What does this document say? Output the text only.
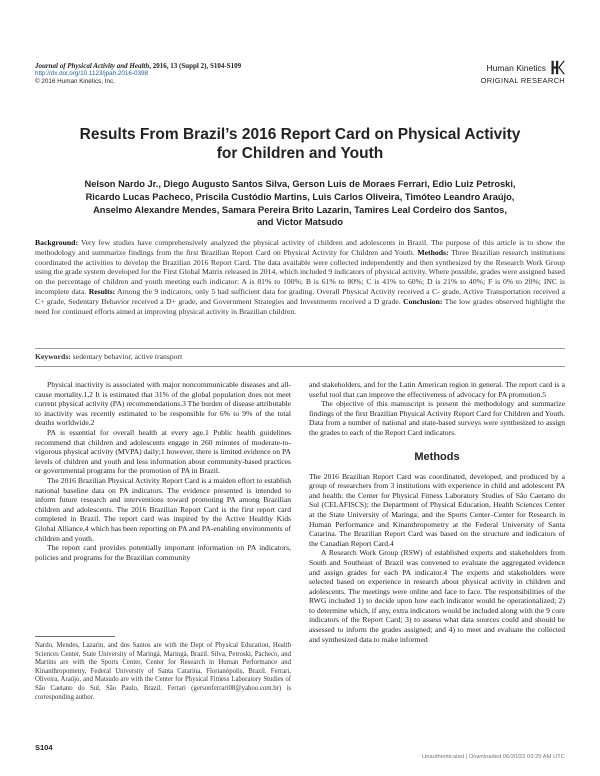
Journal of Physical Activity and Health, 2016, 13 (Suppl 2), S104-S109
http://dx.doi.org/10.1123/jpah.2016-0398
© 2016 Human Kinetics, Inc.
Human Kinetics
ORIGINAL RESEARCH
Results From Brazil’s 2016 Report Card on Physical Activity
for Children and Youth
Nelson Nardo Jr., Diego Augusto Santos Silva, Gerson Luis de Moraes Ferrari, Edio Luiz Petroski,
Ricardo Lucas Pacheco, Priscila Custódio Martins, Luis Carlos Oliveira, Timóteo Leandro Araújo,
Anselmo Alexandre Mendes, Samara Pereira Brito Lazarin, Tamires Leal Cordeiro dos Santos,
and Victor Matsudo
Background: Very few studies have comprehensively analyzed the physical activity of children and adolescents in Brazil. The purpose of this article is to show the methodology and summarize findings from the first Brazilian Report Card on Physical Activity for Children and Youth. Methods: Three Brazilian research institutions coordinated the activities to develop the Brazilian 2016 Report Card. The data available were collected independently and then synthesized by the Research Work Group using the grade system developed for the First Global Matrix released in 2014, which included 9 indicators of physical activity. Where possible, grades were assigned based on the percentage of children and youth meeting each indicator: A is 81% to 100%; B is 61% to 80%; C is 41% to 60%; D is 21% to 40%; F is 0% to 20%; INC is incomplete data. Results: Among the 9 indicators, only 5 had sufficient data for grading. Overall Physical Activity received a C- grade, Active Transportation received a C+ grade, Sedentary Behavior received a D+ grade, and Government Strategies and Investments received a D grade. Conclusion: The low grades observed highlight the need for continued efforts aimed at improving physical activity in Brazilian children.
Keywords: sedentary behavior, active transport

Physical inactivity is associated with major noncommunicable diseases and all-cause mortality.1,2 It is estimated that 31% of the global population does not meet current physical activity (PA) recommendations.3 The burden of disease attributable to inactivity was recently estimated to be responsible for 6% to 9% of the total deaths worldwide.2

PA is essential for overall health at every age.1 Public health guidelines recommend that children and adolescents engage in 260 minutes of moderate-to-vigorous physical activity (MVPA) daily;1 however, there is limited evidence on PA levels of children and youth and less information about community-based practices or governmental programs for the promotion of PA in Brazil.

The 2016 Brazilian Physical Activity Report Card is a maiden effort to establish national baseline data on PA indicators. The evidence presented is intended to inform future research and interventions toward promoting PA among Brazilian children and adolescents. The 2016 Brazilian Report Card is the first report card completed in Brazil. The report card was inspired by the Active Healthy Kids Global Alliance,4 which has been reporting on PA and PA-enabling environments of children and youth.

The report card provides potentially important information on PA indicators, policies and programs for the Brazilian community

and stakeholders, and for the Latin American region in general. The report card is a useful tool that can improve the effectiveness of advocacy for PA promotion.5

The objective of this manuscript is present the methodology and summarize findings of the first Brazilian Physical Activity Report Card for Children and Youth. Data from a number of national and state-based surveys were synthesized to assign the grades to each of the Report Card indicators.

Methods

The 2016 Brazilian Report Card was coordinated, developed, and produced by a group of researchers from 3 institutions with experience in child and adolescent PA and health: the Center for Physical Fitness Laboratory Studies of São Caetano do Sul (CELAFISCS); the Department of Physical Education, Health Sciences Center at the State University of Maringa; and the Sports Center–Center for Research in Human Performance and Kinanthropometry at the Federal University of Santa Catarina. The Brazilian Report Card was based on the structure and indicators of the Canadian Report Card.4

A Research Work Group (RSW) of established experts and stakeholders from South and Southeast of Brazil was convened to evaluate the aggregated evidence and assign grades for each PA indicator.4 The experts and stakeholders were selected based on experience in research about physical activity in children and adolescents. The meetings were online and face to face. The responsibilities of the RWG included 1) to decide upon how each indicator would be operationalized; 2) to determine which, if any, extra indicators would be included along with the 9 core indicators of the Report Card; 3) to assess what data sources could and should be assessed to inform the grades assigned; and 4) to meet and evaluate the collected and synthesized data to make informed

Nardo, Mendes, Lazarin, and dos Santos are with the Dept of Physical Education, Health Sciences Center, State University of Maringá, Maringá, Brazil. Silva, Petroski, Pacheco, and Martins are with the Sports Center, Center for Research in Human Performance and Kinanthropometry, Federal University of Santa Catarina, Florianópolis, Brazil. Ferrari, Oliveira, Araújo, and Matsudo are with the Center for Physical Fitness Laboratory Studies of São Caetano do Sul, São Paulo, Brazil. Ferrari (gersonferrari08@yahoo.com.br) is corresponding author.
S104
Unauthenticated | Downloaded 06/20/22 03:25 AM UTC
